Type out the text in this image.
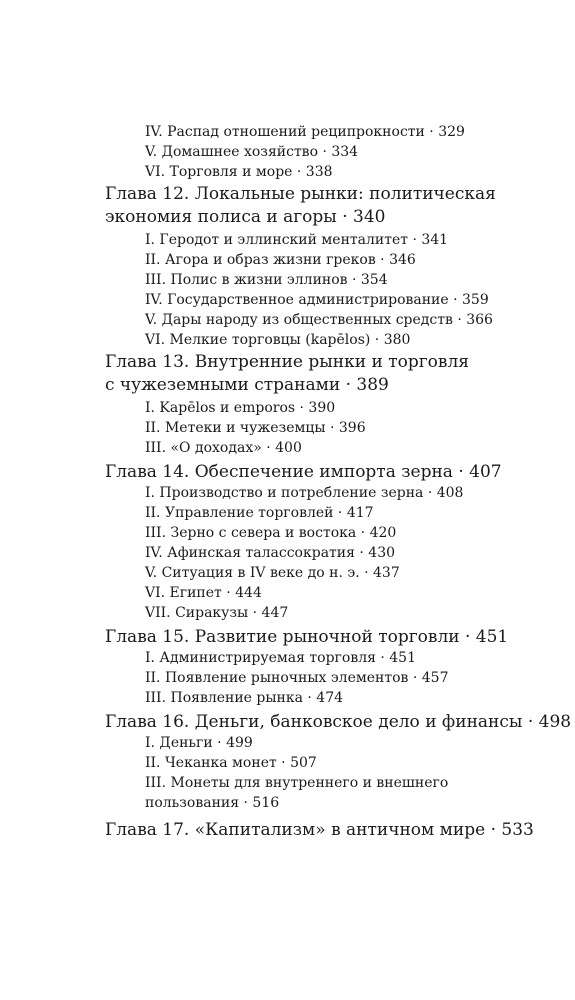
IV. Распад отношений реципрокности · 329
V. Домашнее хозяйство · 334
VI. Торговля и море · 338
Глава 12. Локальные рынки: политическая
экономия полиса и агоры · 340
I. Геродот и эллинский менталитет · 341
II. Агора и образ жизни греков · 346
III. Полис в жизни эллинов · 354
IV. Государственное администрирование · 359
V. Дары народу из общественных средств · 366
VI. Мелкие торговцы (kapēlos) · 380
Глава 13. Внутренние рынки и торговля
с чужеземными странами · 389
I. Kapēlos и emporos · 390
II. Метеки и чужеземцы · 396
III. «О доходах» · 400
Глава 14. Обеспечение импорта зерна · 407
I. Производство и потребление зерна · 408
II. Управление торговлей · 417
III. Зерно с севера и востока · 420
IV. Афинская талассократия · 430
V. Ситуация в IV веке до н. э. · 437
VI. Египет · 444
VII. Сиракузы · 447
Глава 15. Развитие рыночной торговли · 451
I. Администрируемая торговля · 451
II. Появление рыночных элементов · 457
III. Появление рынка · 474
Глава 16. Деньги, банковское дело и финансы · 498
I. Деньги · 499
II. Чеканка монет · 507
III. Монеты для внутреннего и внешнего
пользования · 516
Глава 17. «Капитализм» в античном мире · 533
